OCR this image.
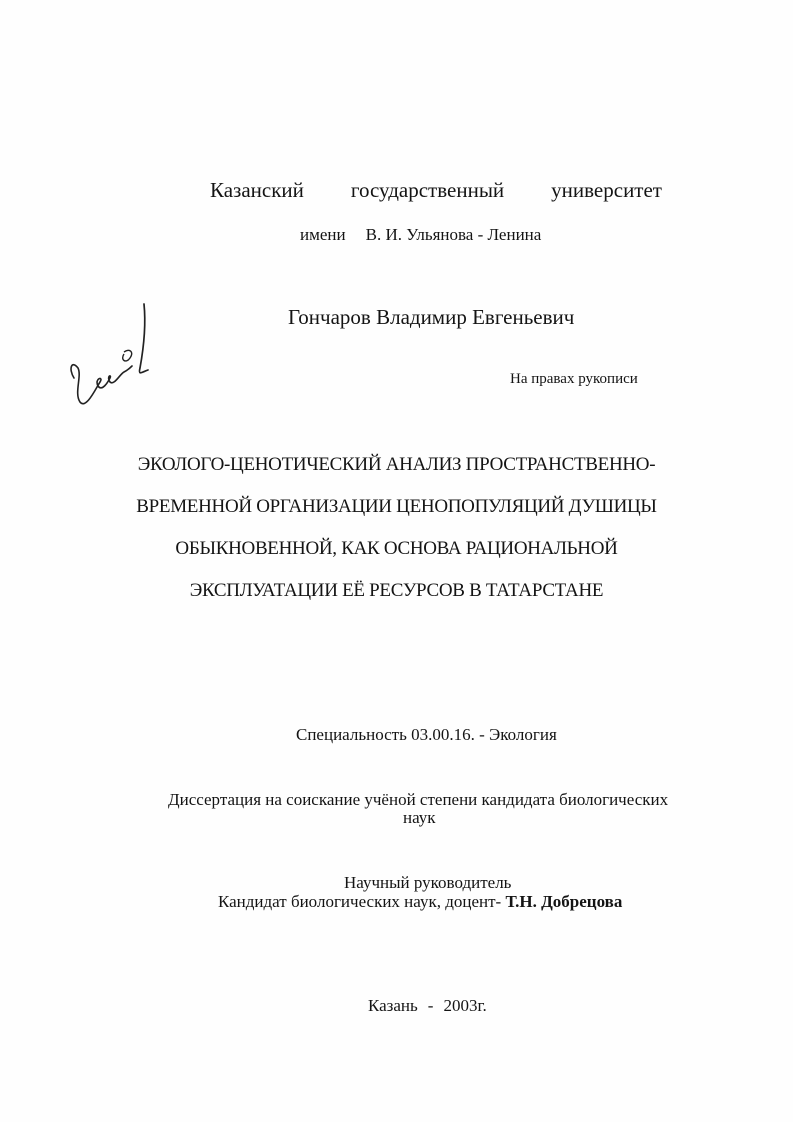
Казанский государственный университет
имени В. И. Ульянова - Ленина
Гончаров Владимир Евгеньевич
На правах рукописи
ЭКОЛОГО-ЦЕНОТИЧЕСКИЙ АНАЛИЗ ПРОСТРАНСТВЕННО-
ВРЕМЕННОЙ ОРГАНИЗАЦИИ ЦЕНОПОПУЛЯЦИЙ ДУШИЦЫ
ОБЫКНОВЕННОЙ, КАК ОСНОВА РАЦИОНАЛЬНОЙ
ЭКСПЛУАТАЦИИ ЕЁ РЕСУРСОВ В ТАТАРСТАНЕ
Специальность 03.00.16. - Экология
Диссертация на соискание учёной степени кандидата биологических
наук
Научный руководитель
Кандидат биологических наук, доцент- Т.Н. Добрецова
Казань - 2003г.
